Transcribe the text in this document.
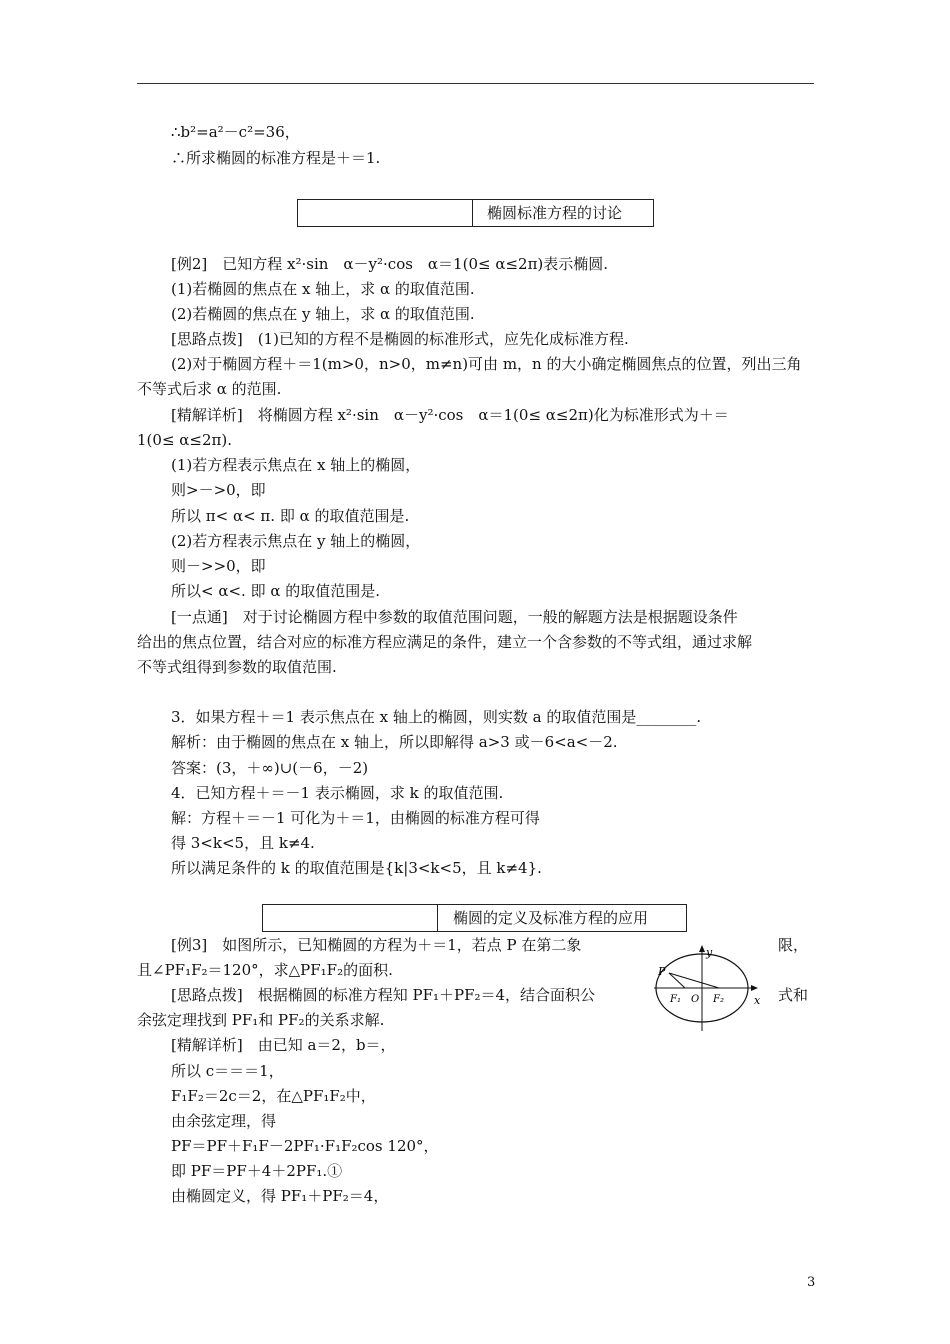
∴b²=a²－c²=36，
∴所求椭圆的标准方程是＋＝1.
椭圆标准方程的讨论
[例2]　已知方程 x²·sin　α－y²·cos　α＝1(0≤ α≤2π)表示椭圆.
(1)若椭圆的焦点在 x 轴上，求 α 的取值范围.
(2)若椭圆的焦点在 y 轴上，求 α 的取值范围.
[思路点拨]　(1)已知的方程不是椭圆的标准形式，应先化成标准方程.
(2)对于椭圆方程＋＝1(m>0，n>0，m≠n)可由 m，n 的大小确定椭圆焦点的位置，列出三角
不等式后求 α 的范围.
[精解详析]　将椭圆方程 x²·sin　α－y²·cos　α＝1(0≤ α≤2π)化为标准形式为＋＝
1(0≤ α≤2π).
(1)若方程表示焦点在 x 轴上的椭圆，
则>－>0，即
所以 π< α< π. 即 α 的取值范围是.
(2)若方程表示焦点在 y 轴上的椭圆，
则－>>0，即
所以< α<. 即 α 的取值范围是.
[一点通]　对于讨论椭圆方程中参数的取值范围问题，一般的解题方法是根据题设条件
给出的焦点位置，结合对应的标准方程应满足的条件，建立一个含参数的不等式组，通过求解
不等式组得到参数的取值范围.
3．如果方程＋＝1 表示焦点在 x 轴上的椭圆，则实数 a 的取值范围是________.
解析：由于椭圆的焦点在 x 轴上，所以即解得 a>3 或－6<a<－2.
答案：(3，＋∞)∪(－6，－2)
4．已知方程＋＝－1 表示椭圆，求 k 的取值范围.
解：方程＋＝－1 可化为＋＝1，由椭圆的标准方程可得
得 3<k<5，且 k≠4.
所以满足条件的 k 的取值范围是{k|3<k<5，且 k≠4}.
椭圆的定义及标准方程的应用
[例3]　如图所示，已知椭圆的方程为＋＝1，若点 P 在第二象	限，
且∠PF₁F₂＝120°，求△PF₁F₂的面积.
[思路点拨]　根据椭圆的标准方程知 PF₁＋PF₂＝4，结合面积公	式和
余弦定理找到 PF₁和 PF₂的关系求解.
[精解详析]　由已知 a＝2，b＝，
所以 c＝＝＝1，
F₁F₂＝2c＝2，在△PF₁F₂中，
由余弦定理，得
PF＝PF＋F₁F－2PF₁·F₁F₂cos 120°，
即 PF＝PF＋4＋2PF₁.①
由椭圆定义，得 PF₁＋PF₂＝4，
y
x
P
F₁ O F₂
3
